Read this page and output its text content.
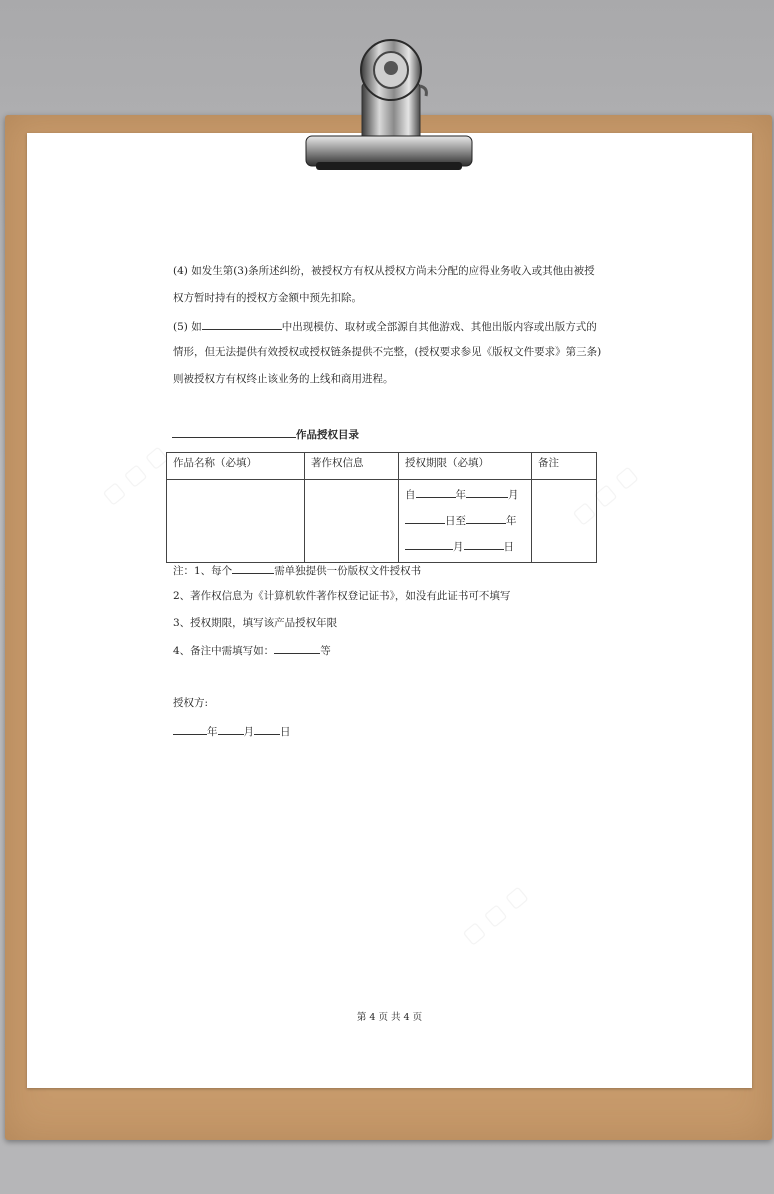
▢ ▢ ▢	▢ ▢ ▢
▢ ▢ ▢
(4) 如发生第(3)条所述纠纷，被授权方有权从授权方尚未分配的应得业务收入或其他由被授
权方暂时持有的授权方金额中预先扣除。
(5) 如	中出现模仿、取材或全部源自其他游戏、其他出版内容或出版方式的
情形，但无法提供有效授权或授权链条提供不完整，(授权要求参见《版权文件要求》第三条)
则被授权方有权终止该业务的上线和商用进程。
作品授权目录
作品名称（必填）	著作权信息	授权期限（必填）	备注

		自 年 月
日至 年
月 日	

注：1、每个	需单独提供一份版权文件授权书
2、著作权信息为《计算机软件著作权登记证书》，如没有此证书可不填写
3、授权期限，填写该产品授权年限
4、备注中需填写如：	等
授权方:
年 月 日
第 4 页 共 4 页
